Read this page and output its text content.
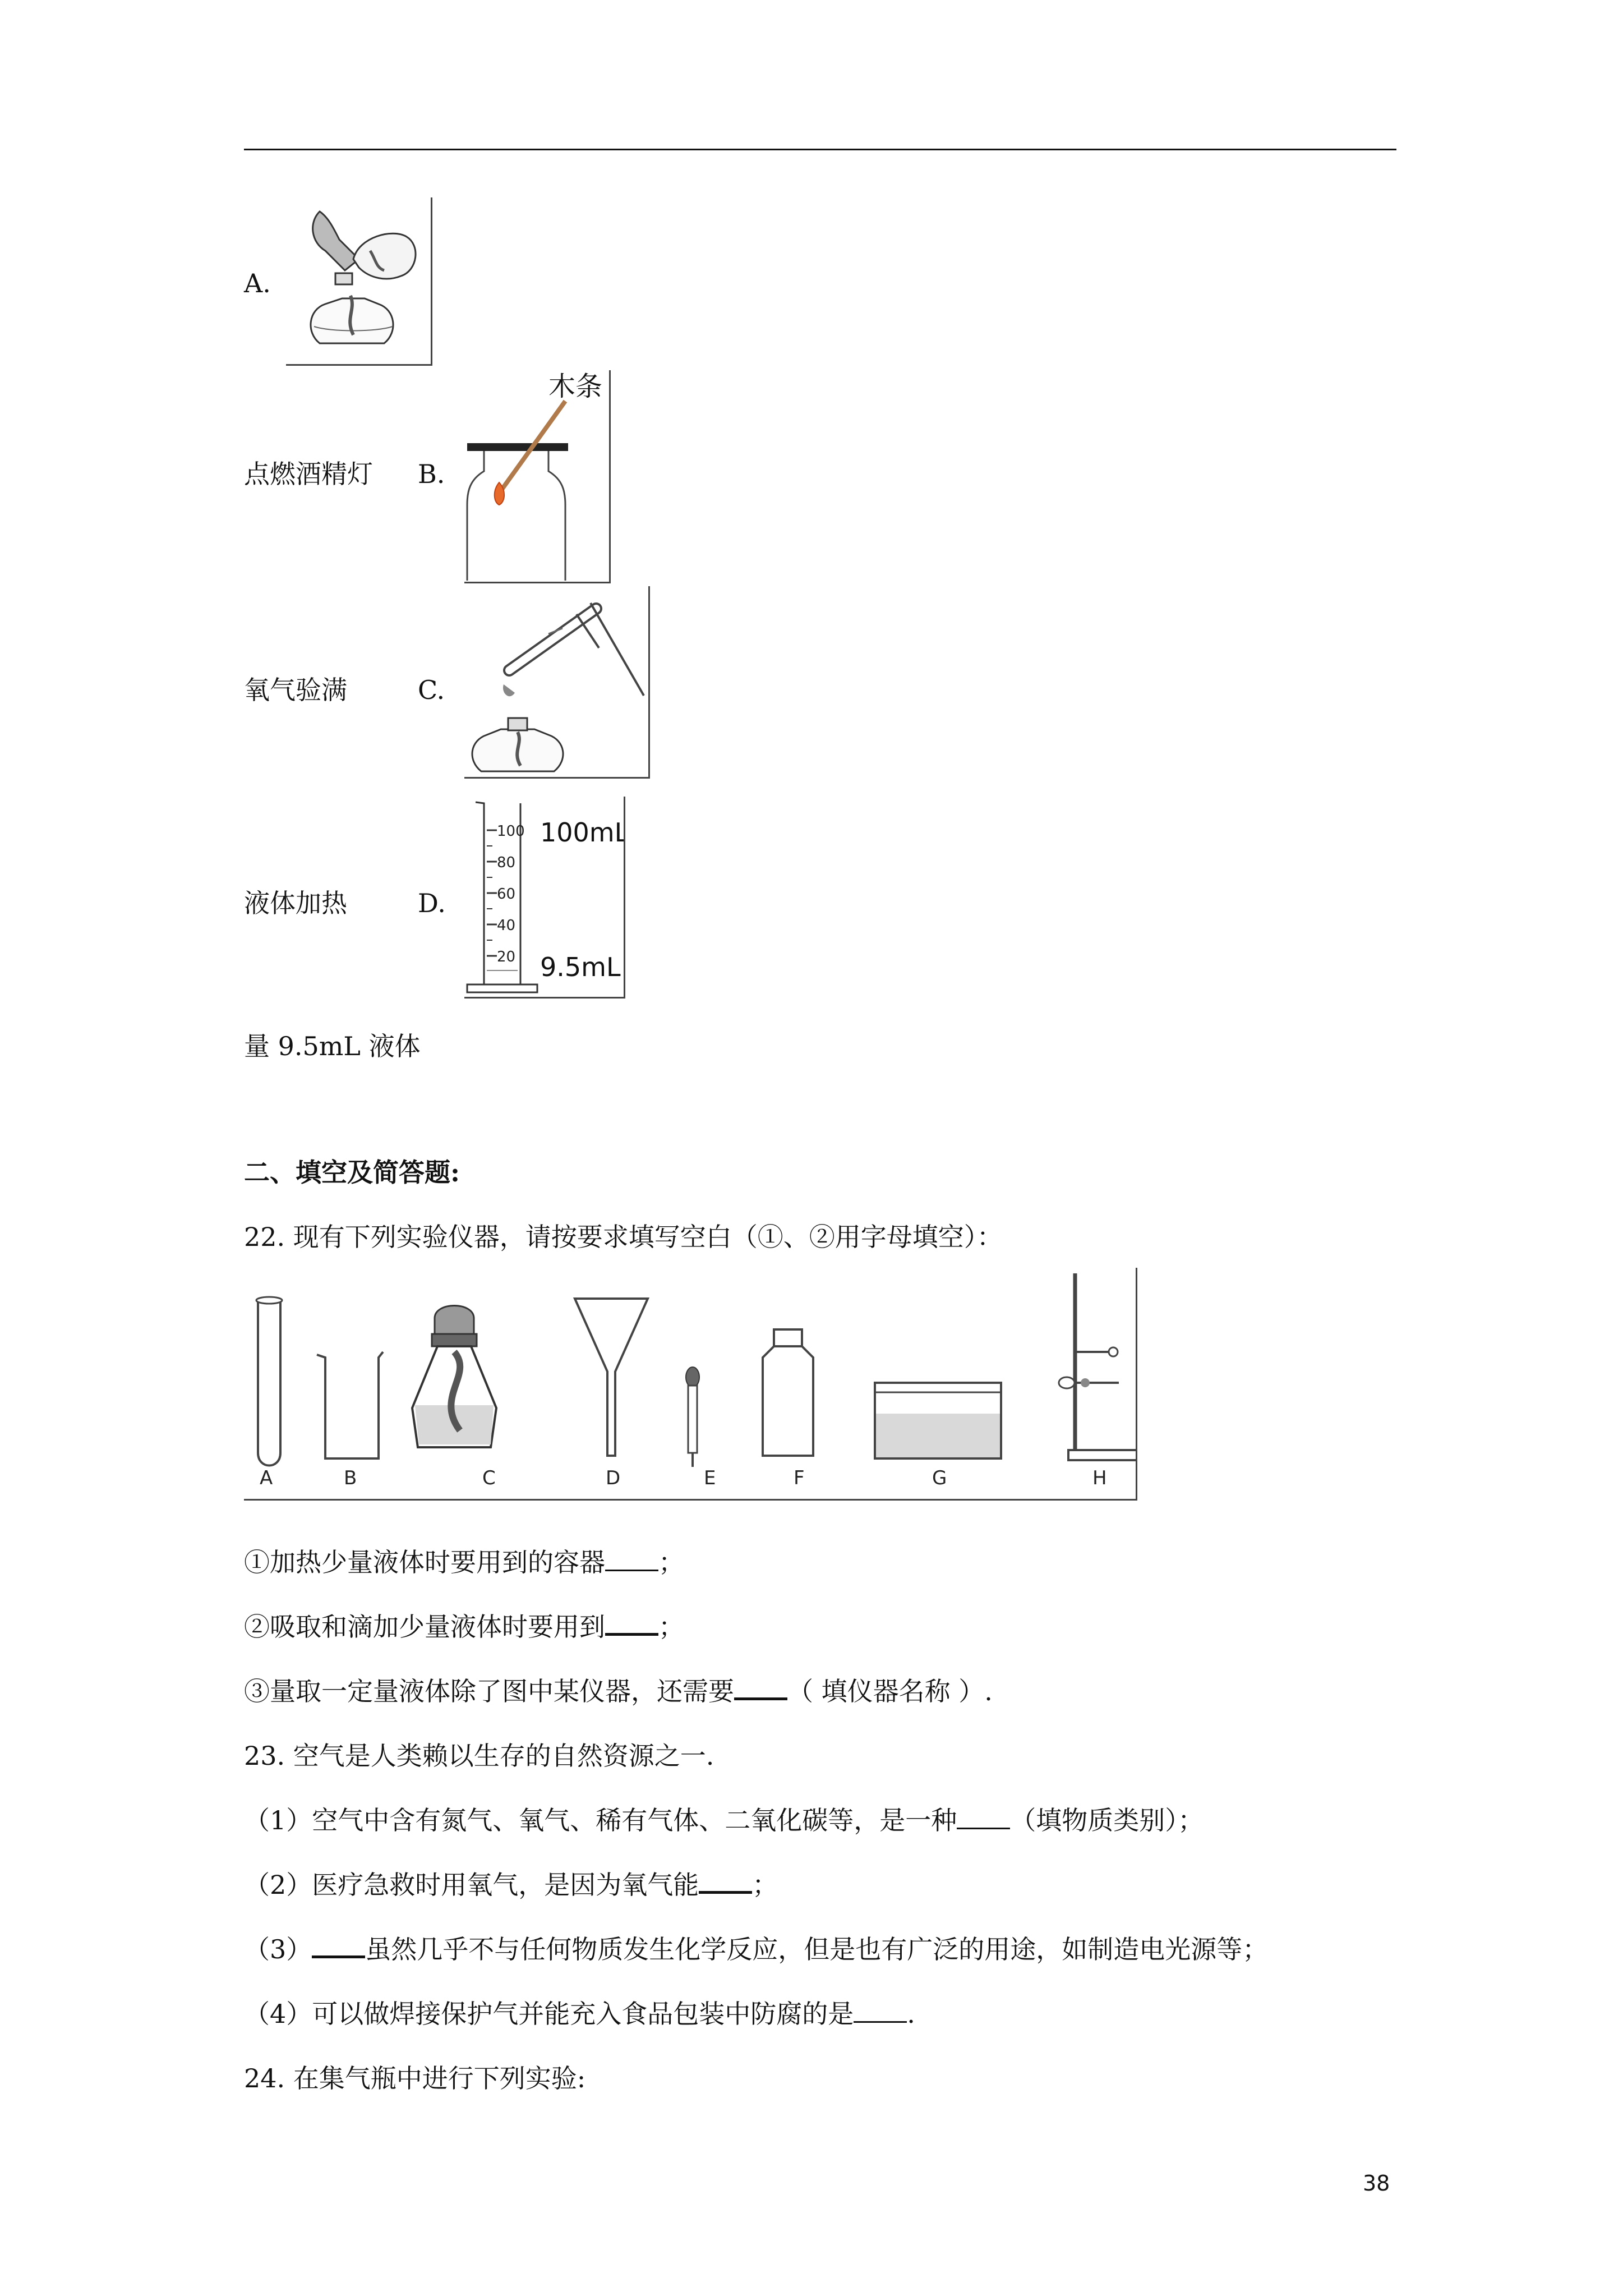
A.
点燃酒精灯 B.
木条
氧气验满	C.
液体加热	D.
100
80
60
40
20
100mL
9.5mL
量 9.5mL 液体
二、填空及简答题:
22. 现有下列实验仪器，请按要求填写空白（①、②用字母填空）：
A	B	C	D	E	F	G	H
①加热少量液体时要用到的容器 ；
②吸取和滴加少量液体时要用到 ；
③量取一定量液体除了图中某仪器，还需要 （ 填仪器名称 ）.
23. 空气是人类赖以生存的自然资源之一.
（1）空气中含有氮气、氧气、稀有气体、二氧化碳等，是一种 （填物质类别）；
（2）医疗急救时用氧气，是因为氧气能 ；
（3） 虽然几乎不与任何物质发生化学反应，但是也有广泛的用途，如制造电光源等；
（4）可以做焊接保护气并能充入食品包装中防腐的是 .
24. 在集气瓶中进行下列实验:
38
